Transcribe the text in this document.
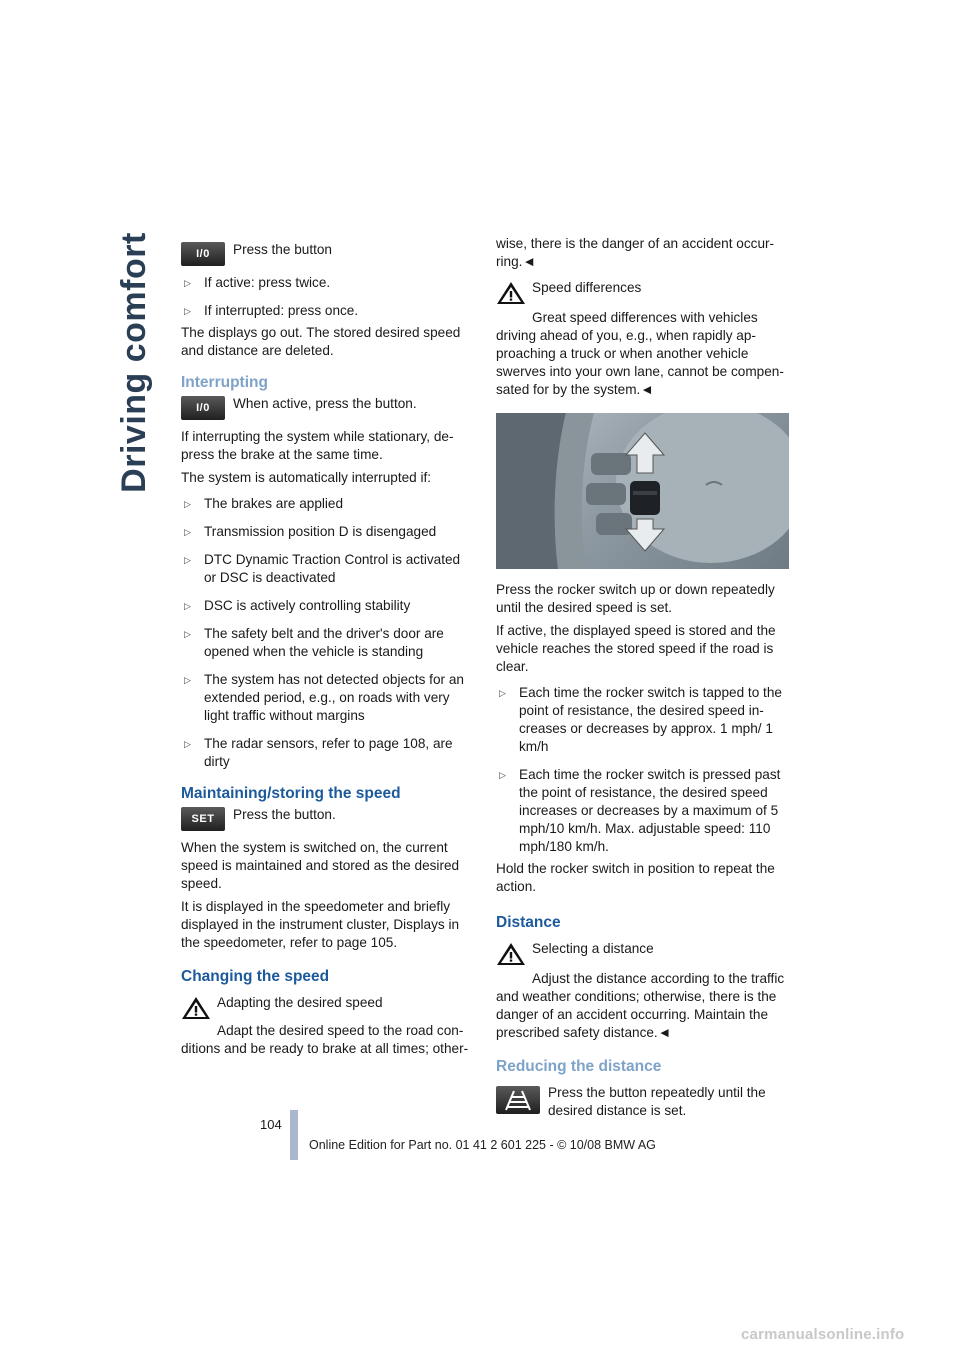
Driving comfort	I/0	Press the button
▷ If active: press twice.
▷ If interrupted: press once.

The displays go out. The stored desired speed and distance are deleted.

Interrupting
I/0	When active, press the button.

If interrupting the system while stationary, de-press the brake at the same time.

The system is automatically interrupted if:

▷ The brakes are applied
▷ Transmission position D is disengaged
▷ DTC Dynamic Traction Control is activated or DSC is deactivated
▷ DSC is actively controlling stability
▷ The safety belt and the driver's door are opened when the vehicle is standing
▷ The system has not detected objects for an extended period, e.g., on roads with very light traffic without margins
▷ The radar sensors, refer to page 108, are dirty
Maintaining/storing the speed
SET	Press the button.

When the system is switched on, the current speed is maintained and stored as the desired speed.

It is displayed in the speedometer and briefly displayed in the instrument cluster, Displays in the speedometer, refer to page 105.

Changing the speed
Adapting the desired speed

Adapt the desired speed to the road con-ditions and be ready to brake at all times; other-

wise, there is the danger of an accident occur-ring.◄

Speed differences

Great speed differences with vehicles driving ahead of you, e.g., when rapidly ap-proaching a truck or when another vehicle swerves into your own lane, cannot be compen-sated for by the system.◄

Press the rocker switch up or down repeatedly until the desired speed is set.

If active, the displayed speed is stored and the vehicle reaches the stored speed if the road is clear.

▷ Each time the rocker switch is tapped to the point of resistance, the desired speed in-creases or decreases by approx. 1 mph/ 1 km/h
▷ Each time the rocker switch is pressed past the point of resistance, the desired speed increases or decreases by a maximum of 5 mph/10 km/h. Max. adjustable speed: 110 mph/180 km/h.

Hold the rocker switch in position to repeat the action.

Distance
Selecting a distance

Adjust the distance according to the traffic and weather conditions; otherwise, there is the danger of an accident occurring. Maintain the prescribed safety distance.◄

Reducing the distance
Press the button repeatedly until the desired distance is set.
104
Online Edition for Part no. 01 41 2 601 225 - © 10/08 BMW AG
carmanualsonline.info
